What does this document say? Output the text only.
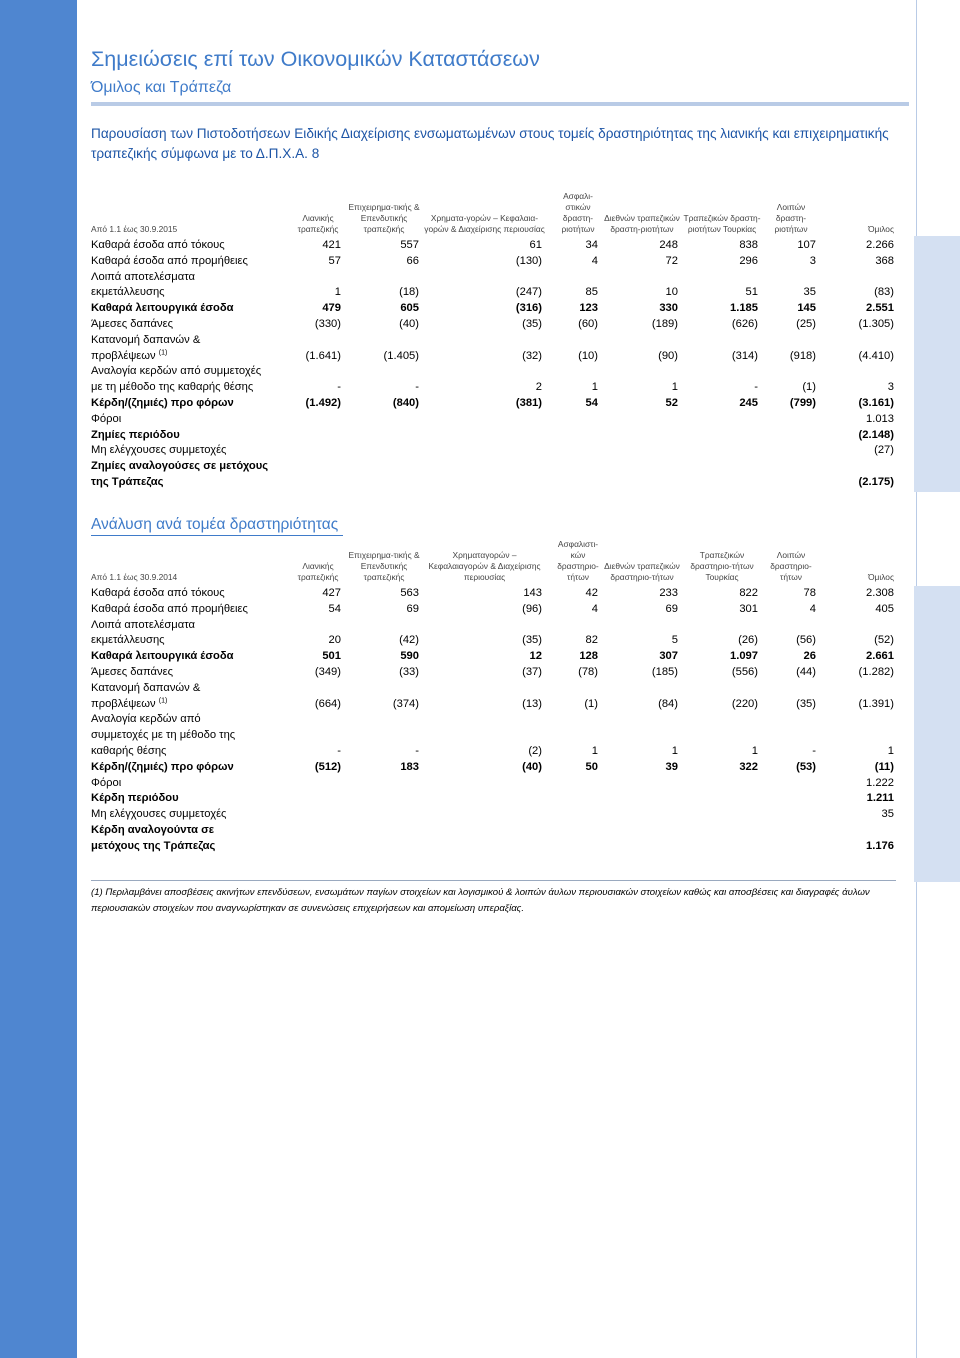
Σημειώσεις επί των Οικονομικών Καταστάσεων
Όμιλος και Τράπεζα
Παρουσίαση των Πιστοδοτήσεων Ειδικής Διαχείρισης ενσωματωμένων στους τομείς δραστηριότητας της λιανικής και επιχειρηματικής τραπεζικής σύμφωνα με το Δ.Π.Χ.Α. 8
Από 1.1 έως 30.9.2015	Λιανικής τραπεζικής	Επιχειρημα-τικής & Επενδυτικής τραπεζικής	Χρηματα-γορών – Κεφαλαια-γορών & Διαχείρισης περιουσίας		Ασφαλι-στικών δραστη-ριοτήτων	Διεθνών τραπεζικών δραστη-ριοτήτων	Τραπεζικών δραστη-ριοτήτων Τουρκίας	Λοιπών δραστη-ριοτήτων	Όμιλος
Καθαρά έσοδα από τόκους	421	557	61		34	248	838	107	2.266
Καθαρά έσοδα από προμήθειες	57	66	(130)		4	72	296	3	368
Λοιπά αποτελέσματα
εκμετάλλευσης	1	(18)	(247)		85	10	51	35	(83)
Καθαρά λειτουργικά έσοδα	479	605	(316)		123	330	1.185	145	2.551
Άμεσες δαπάνες	(330)	(40)	(35)		(60)	(189)	(626)	(25)	(1.305)
Κατανομή δαπανών &
προβλέψεων $^{(1)}$	(1.641)	(1.405)	(32)		(10)	(90)	(314)	(918)	(4.410)
Αναλογία κερδών από συμμετοχές
με τη μέθοδο της καθαρής θέσης	-	-	2		1	1	-	(1)	3
Κέρδη/(ζημιές) προ φόρων	(1.492)	(840)	(381)		54	52	245	(799)	(3.161)
Φόροι									1.013
Ζημίες περιόδου									(2.148)
Μη ελέγχουσες συμμετοχές									(27)
Ζημίες αναλογούσες σε μετόχους
της Τράπεζας									(2.175)
Ανάλυση ανά τομέα δραστηριότητας
Από 1.1 έως 30.9.2014	Λιανικής τραπεζικής	Επιχειρημα-τικής & Επενδυτικής τραπεζικής	Χρηματαγορών – Κεφαλαιαγορών & Διαχείρισης περιουσίας		Ασφαλιστι-κών δραστηριο-τήτων	Διεθνών τραπεζικών δραστηριο-τήτων	Τραπεζικών δραστηριο-τήτων Τουρκίας	Λοιπών δραστηριο-τήτων	Όμιλος
Καθαρά έσοδα από τόκους	427	563	143		42	233	822	78	2.308
Καθαρά έσοδα από προμήθειες	54	69	(96)		4	69	301	4	405
Λοιπά αποτελέσματα
εκμετάλλευσης	20	(42)	(35)		82	5	(26)	(56)	(52)
Καθαρά λειτουργικά έσοδα	501	590	12		128	307	1.097	26	2.661
Άμεσες δαπάνες	(349)	(33)	(37)		(78)	(185)	(556)	(44)	(1.282)
Κατανομή δαπανών &
προβλέψεων $^{(1)}$	(664)	(374)	(13)		(1)	(84)	(220)	(35)	(1.391)
Αναλογία κερδών από
συμμετοχές με τη μέθοδο της
καθαρής θέσης	-	-	(2)		1	1	1	-	1
Κέρδη/(ζημιές) προ φόρων	(512)	183	(40)		50	39	322	(53)	(11)
Φόροι									1.222
Κέρδη περιόδου									1.211
Μη ελέγχουσες συμμετοχές									35
Κέρδη αναλογούντα σε
μετόχους της Τράπεζας									1.176
(1) Περιλαμβάνει αποσβέσεις ακινήτων επενδύσεων, ενσωμάτων παγίων στοιχείων και λογισμικού & λοιπών άυλων περιουσιακών στοιχείων καθώς και αποσβέσεις και διαγραφές άυλων περιουσιακών στοιχείων που αναγνωρίστηκαν σε συνενώσεις επιχειρήσεων και απομείωση υπεραξίας.
